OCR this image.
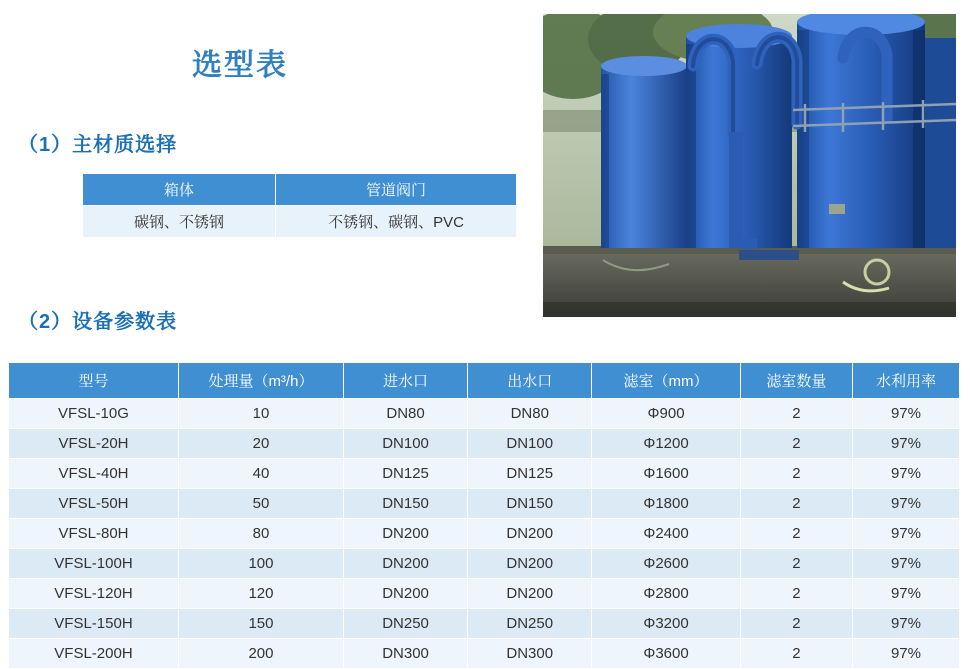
选型表
（1）主材质选择
（2）设备参数表
箱体	管道阀门
碳钢、不锈钢	不锈钢、碳钢、PVC
型号	处理量（m³/h）	进水口	出水口	滤室（mm）	滤室数量	水利用率
VFSL-10G	10	DN80	DN80	Φ900	2	97%
VFSL-20H	20	DN100	DN100	Φ1200	2	97%
VFSL-40H	40	DN125	DN125	Φ1600	2	97%
VFSL-50H	50	DN150	DN150	Φ1800	2	97%
VFSL-80H	80	DN200	DN200	Φ2400	2	97%
VFSL-100H	100	DN200	DN200	Φ2600	2	97%
VFSL-120H	120	DN200	DN200	Φ2800	2	97%
VFSL-150H	150	DN250	DN250	Φ3200	2	97%
VFSL-200H	200	DN300	DN300	Φ3600	2	97%
